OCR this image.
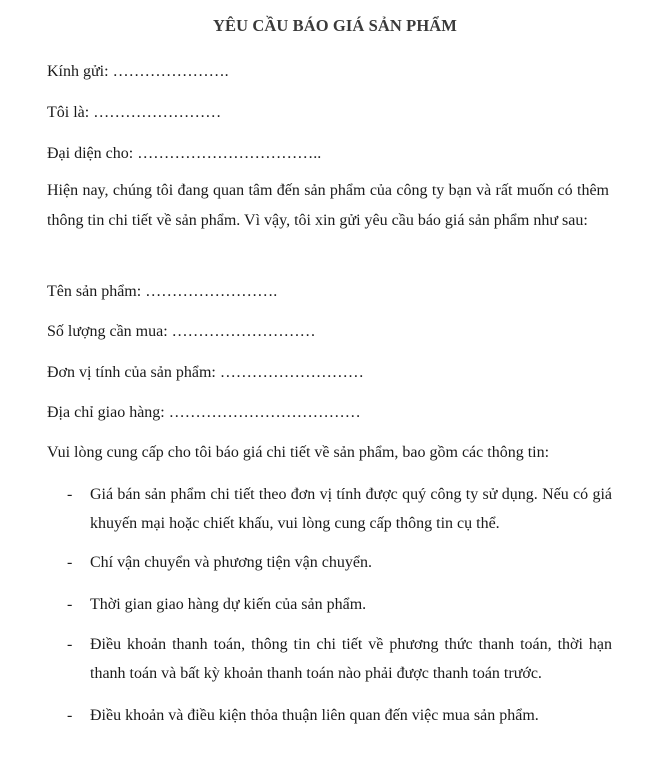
YÊU CẦU BÁO GIÁ SẢN PHẨM
Kính gửi: ………………….
Tôi là: ……………………
Đại diện cho: ……………………………..
Hiện nay, chúng tôi đang quan tâm đến sản phẩm của công ty bạn và rất muốn có thêm thông tin chi tiết về sản phẩm. Vì vậy, tôi xin gửi yêu cầu báo giá sản phẩm như sau:
Tên sản phẩm: …………………….
Số lượng cần mua: ………………………
Đơn vị tính của sản phẩm: ………………………
Địa chỉ giao hàng: ………………………………
Vui lòng cung cấp cho tôi báo giá chi tiết về sản phẩm, bao gồm các thông tin:
- Giá bán sản phẩm chi tiết theo đơn vị tính được quý công ty sử dụng. Nếu có giá khuyến mại hoặc chiết khấu, vui lòng cung cấp thông tin cụ thể.
- Chí vận chuyển và phương tiện vận chuyển.
- Thời gian giao hàng dự kiến của sản phẩm.
- Điều khoản thanh toán, thông tin chi tiết về phương thức thanh toán, thời hạn thanh toán và bất kỳ khoản thanh toán nào phải được thanh toán trước.
- Điều khoản và điều kiện thỏa thuận liên quan đến việc mua sản phẩm.
